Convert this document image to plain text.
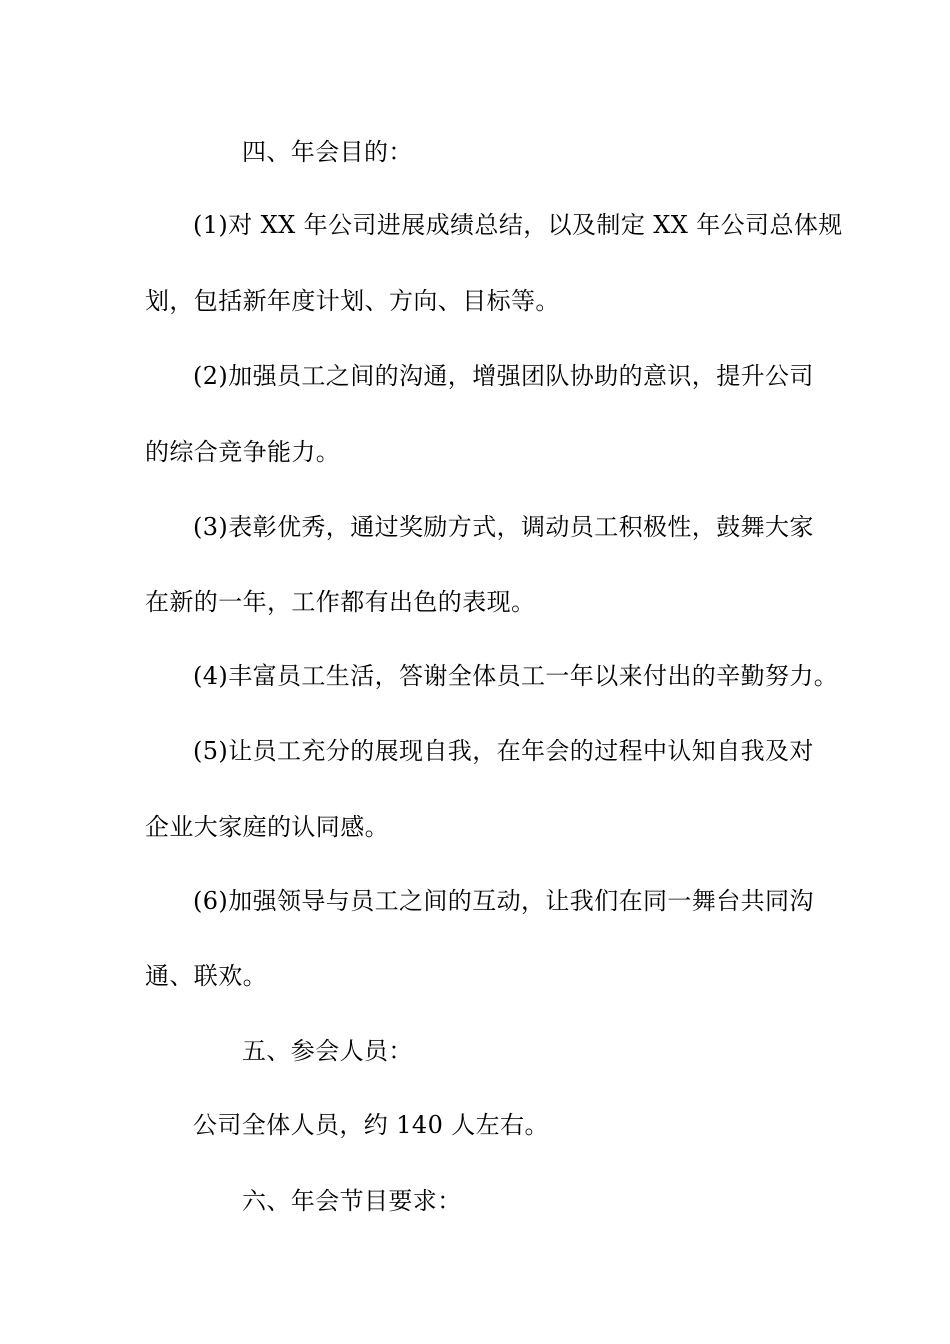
四、年会目的：
(1)对 XX 年公司进展成绩总结，以及制定 XX 年公司总体规
划，包括新年度计划、方向、目标等。
(2)加强员工之间的沟通，增强团队协助的意识，提升公司
的综合竞争能力。
(3)表彰优秀，通过奖励方式，调动员工积极性，鼓舞大家
在新的一年，工作都有出色的表现。
(4)丰富员工生活，答谢全体员工一年以来付出的辛勤努力。
(5)让员工充分的展现自我，在年会的过程中认知自我及对
企业大家庭的认同感。
(6)加强领导与员工之间的互动，让我们在同一舞台共同沟
通、联欢。
五、参会人员：
公司全体人员，约 140 人左右。
六、年会节目要求：
